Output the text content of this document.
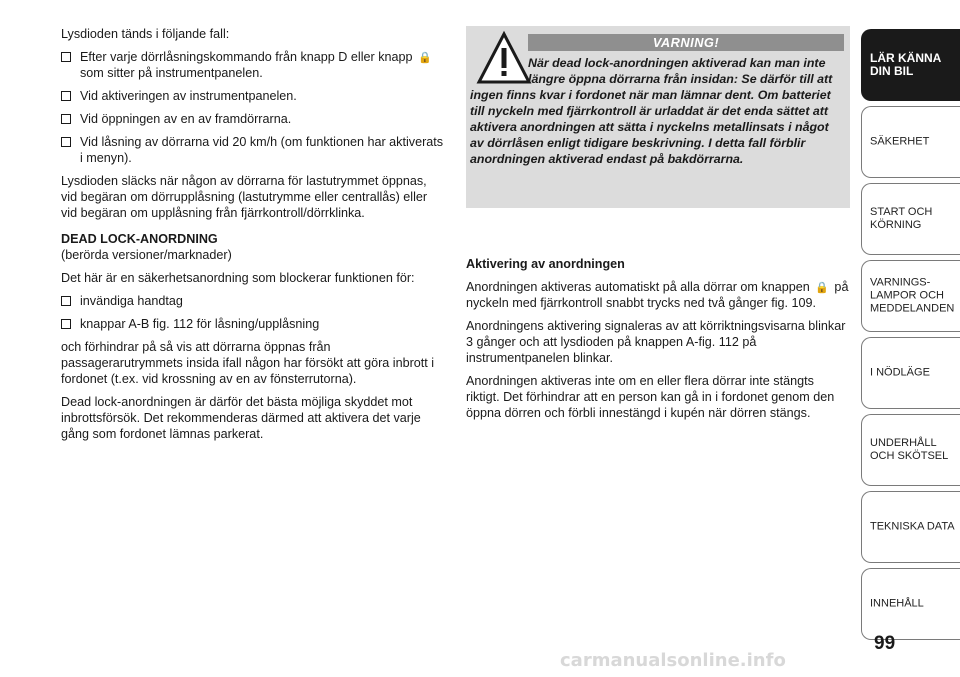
Lysdioden tänds i följande fall:

Efter varje dörrlåsningskommando från knapp D eller knapp 🔒 som sitter på instrumentpanelen.
Vid aktiveringen av instrumentpanelen.
Vid öppningen av en av framdörrarna.
Vid låsning av dörrarna vid 20 km/h (om funktionen har aktiverats i menyn).

Lysdioden släcks när någon av dörrarna för lastutrymmet öppnas, vid begäran om dörrupplåsning (lastutrymme eller centrallås) eller vid begäran om upplåsning från fjärrkontroll/dörrklinka.

DEAD LOCK-ANORDNING

(berörda versioner/marknader)

Det här är en säkerhetsanordning som blockerar funktionen för:

invändiga handtag
knappar A-B fig. 112 för låsning/upplåsning

och förhindrar på så vis att dörrarna öppnas från passagerarutrymmets insida ifall någon har försökt att göra inbrott i fordonet (t.ex. vid krossning av en av fönsterrutorna).

Dead lock-anordningen är därför det bästa möjliga skyddet mot inbrottsförsök. Det rekommenderas därmed att aktivera det varje gång som fordonet lämnas parkerat.

VARNING!
När dead lock-anordningen aktiverad kan man inte längre öppna dörrarna från insidan: Se därför till att ingen finns kvar i fordonet när man lämnar dent. Om batteriet till nyckeln med fjärrkontroll är urladdat är det enda sättet att aktivera anordningen att sätta i nyckelns metallinsats i något av dörrlåsen enligt tidigare beskrivning. I detta fall förblir anordningen aktiverad endast på bakdörrarna.

Aktivering av anordningen

Anordningen aktiveras automatiskt på alla dörrar om knappen 🔒 på nyckeln med fjärrkontroll snabbt trycks ned två gånger fig. 109.

Anordningens aktivering signaleras av att körriktningsvisarna blinkar 3 gånger och att lysdioden på knappen A-fig. 112 på instrumentpanelen blinkar.

Anordningen aktiveras inte om en eller flera dörrar inte stängts riktigt. Det förhindrar att en person kan gå in i fordonet genom den öppna dörren och förbli innestängd i kupén när dörren stängs.

LÄR KÄNNA DIN BIL
SÄKERHET
START OCH KÖRNING
VARNINGS- LAMPOR OCH MEDDELANDEN
I NÖDLÄGE
UNDERHÅLL OCH SKÖTSEL
TEKNISKA DATA
INNEHÅLL
99
carmanualsonline.info
